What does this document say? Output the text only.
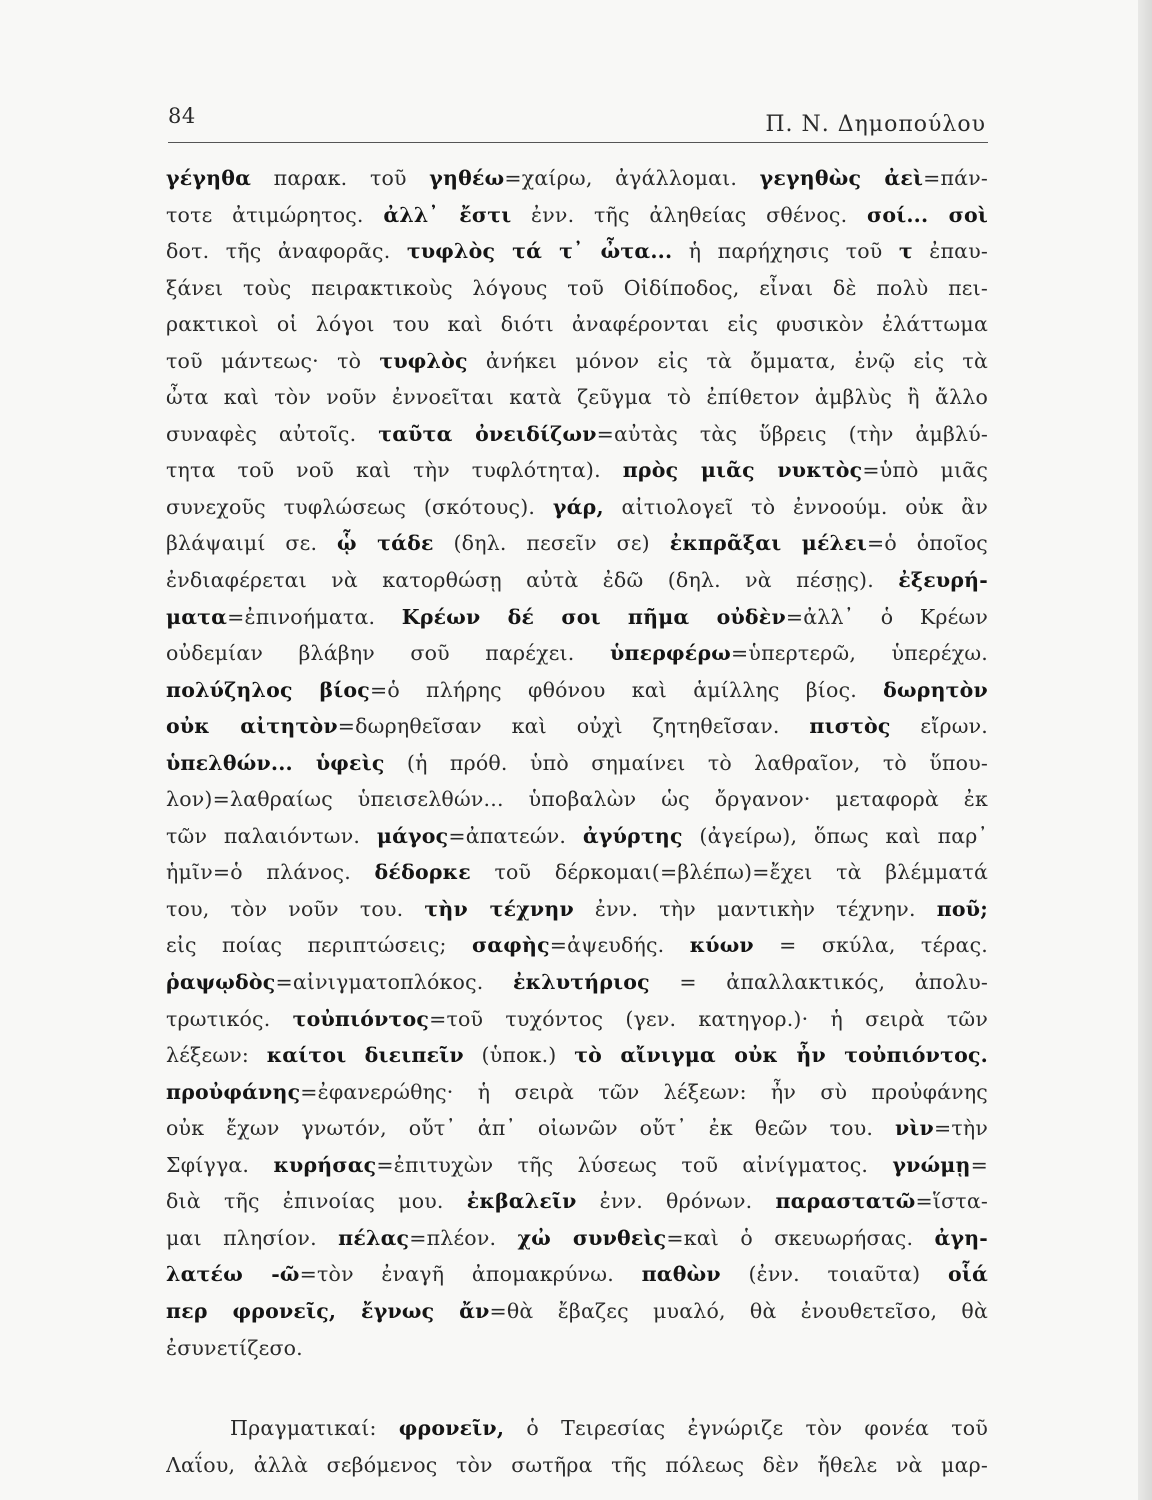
84	Π. Ν. Δημοπούλου
γέγηθα παρακ. τοῦ γηθέω=χαίρω, ἀγάλλομαι. γεγηθὼς ἀεὶ=πάν-
τοτε ἀτιμώρητος. ἀλλ᾽ ἔστι ἐνν. τῆς ἀληθείας σθένος. σοί... σοὶ
δοτ. τῆς ἀναφορᾶς. τυφλὸς τά τ᾽ ὦτα... ἡ παρήχησις τοῦ τ ἐπαυ-
ξάνει τοὺς πειρακτικοὺς λόγους τοῦ Οἰδίποδος, εἶναι δὲ πολὺ πει-
ρακτικοὶ οἱ λόγοι του καὶ διότι ἀναφέρονται εἰς φυσικὸν ἐλάττωμα
τοῦ μάντεως· τὸ τυφλὸς ἀνήκει μόνον εἰς τὰ ὄμματα, ἐνῷ εἰς τὰ
ὦτα καὶ τὸν νοῦν ἐννοεῖται κατὰ ζεῦγμα τὸ ἐπίθετον ἀμβλὺς ἢ ἄλλο
συναφὲς αὐτοῖς. ταῦτα ὀνειδίζων=αὐτὰς τὰς ὕβρεις (τὴν ἀμβλύ-
τητα τοῦ νοῦ καὶ τὴν τυφλότητα). πρὸς μιᾶς νυκτὸς=ὑπὸ μιᾶς
συνεχοῦς τυφλώσεως (σκότους). γάρ, αἰτιολογεῖ τὸ ἐννοούμ. οὐκ ἂν
βλάψαιμί σε. ᾧ τάδε (δηλ. πεσεῖν σε) ἐκπρᾶξαι μέλει=ὁ ὁποῖος
ἐνδιαφέρεται νὰ κατορθώσῃ αὐτὰ ἐδῶ (δηλ. νὰ πέσῃς). ἐξευρή-
ματα=ἐπινοήματα. Κρέων δέ σοι πῆμα οὐδὲν=ἀλλ᾽ ὁ Κρέων
οὐδεμίαν βλάβην σοῦ παρέχει. ὑπερφέρω=ὑπερτερῶ, ὑπερέχω.
πολύζηλος βίος=ὁ πλήρης φθόνου καὶ ἁμίλλης βίος. δωρητὸν
οὐκ αἰτητὸν=δωρηθεῖσαν καὶ οὐχὶ ζητηθεῖσαν. πιστὸς εἴρων.
ὑπελθών... ὑφεὶς (ἡ πρόθ. ὑπὸ σημαίνει τὸ λαθραῖον, τὸ ὕπου-
λον)=λαθραίως ὑπεισελθών... ὑποβαλὼν ὡς ὄργανον· μεταφορὰ ἐκ
τῶν παλαιόντων. μάγος=ἀπατεών. ἀγύρτης (ἀγείρω), ὅπως καὶ παρ᾽
ἡμῖν=ὁ πλάνος. δέδορκε τοῦ δέρκομαι(=βλέπω)=ἔχει τὰ βλέμματά
του, τὸν νοῦν του. τὴν τέχνην ἐνν. τὴν μαντικὴν τέχνην. ποῦ;
εἰς ποίας περιπτώσεις; σαφὴς=ἀψευδής. κύων = σκύλα, τέρας.
ῥαψῳδὸς=αἰνιγματοπλόκος. ἐκλυτήριος = ἀπαλλακτικός, ἀπολυ-
τρωτικός. τοὐπιόντος=τοῦ τυχόντος (γεν. κατηγορ.)· ἡ σειρὰ τῶν
λέξεων: καίτοι διειπεῖν (ὑποκ.) τὸ αἴνιγμα οὐκ ἦν τοὐπιόντος.
προὐφάνης=ἐφανερώθης· ἡ σειρὰ τῶν λέξεων: ἦν σὺ προὐφάνης
οὐκ ἔχων γνωτόν, οὔτ᾽ ἀπ᾽ οἰωνῶν οὔτ᾽ ἐκ θεῶν του. νὶν=τὴν
Σφίγγα. κυρήσας=ἐπιτυχὼν τῆς λύσεως τοῦ αἰνίγματος. γνώμῃ=
διὰ τῆς ἐπινοίας μου. ἐκβαλεῖν ἐνν. θρόνων. παραστατῶ=ἵστα-
μαι πλησίον. πέλας=πλέον. χὠ συνθεὶς=καὶ ὁ σκευωρήσας. ἀγη-
λατέω -ῶ=τὸν ἐναγῆ ἀπομακρύνω. παθὼν (ἐνν. τοιαῦτα) οἷά
περ φρονεῖς, ἔγνως ἄν=θὰ ἔβαζες μυαλό, θὰ ἐνουθετεῖσο, θὰ
ἐσυνετίζεσο.
Πραγματικαί: φρονεῖν, ὁ Τειρεσίας ἐγνώριζε τὸν φονέα τοῦ
Λαΐου, ἀλλὰ σεβόμενος τὸν σωτῆρα τῆς πόλεως δὲν ἤθελε νὰ μαρ-
